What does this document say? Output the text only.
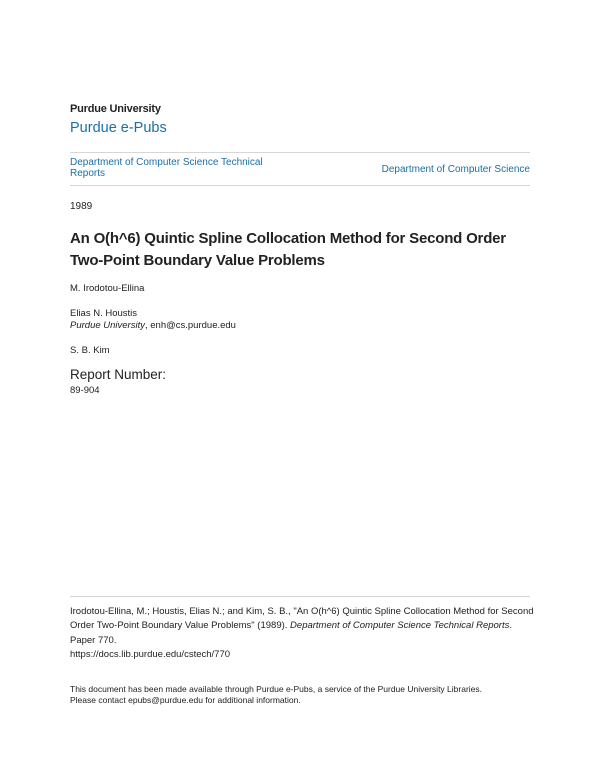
Purdue University
Purdue e-Pubs
Department of Computer Science Technical Reports	Department of Computer Science
1989
An O(h^6) Quintic Spline Collocation Method for Second Order Two-Point Boundary Value Problems
M. Irodotou-Ellina
Elias N. Houstis
Purdue University, enh@cs.purdue.edu
S. B. Kim
Report Number:
89-904
Irodotou-Ellina, M.; Houstis, Elias N.; and Kim, S. B., "An O(h^6) Quintic Spline Collocation Method for Second Order Two-Point Boundary Value Problems" (1989). Department of Computer Science Technical Reports. Paper 770.
https://docs.lib.purdue.edu/cstech/770
This document has been made available through Purdue e-Pubs, a service of the Purdue University Libraries.
Please contact epubs@purdue.edu for additional information.
